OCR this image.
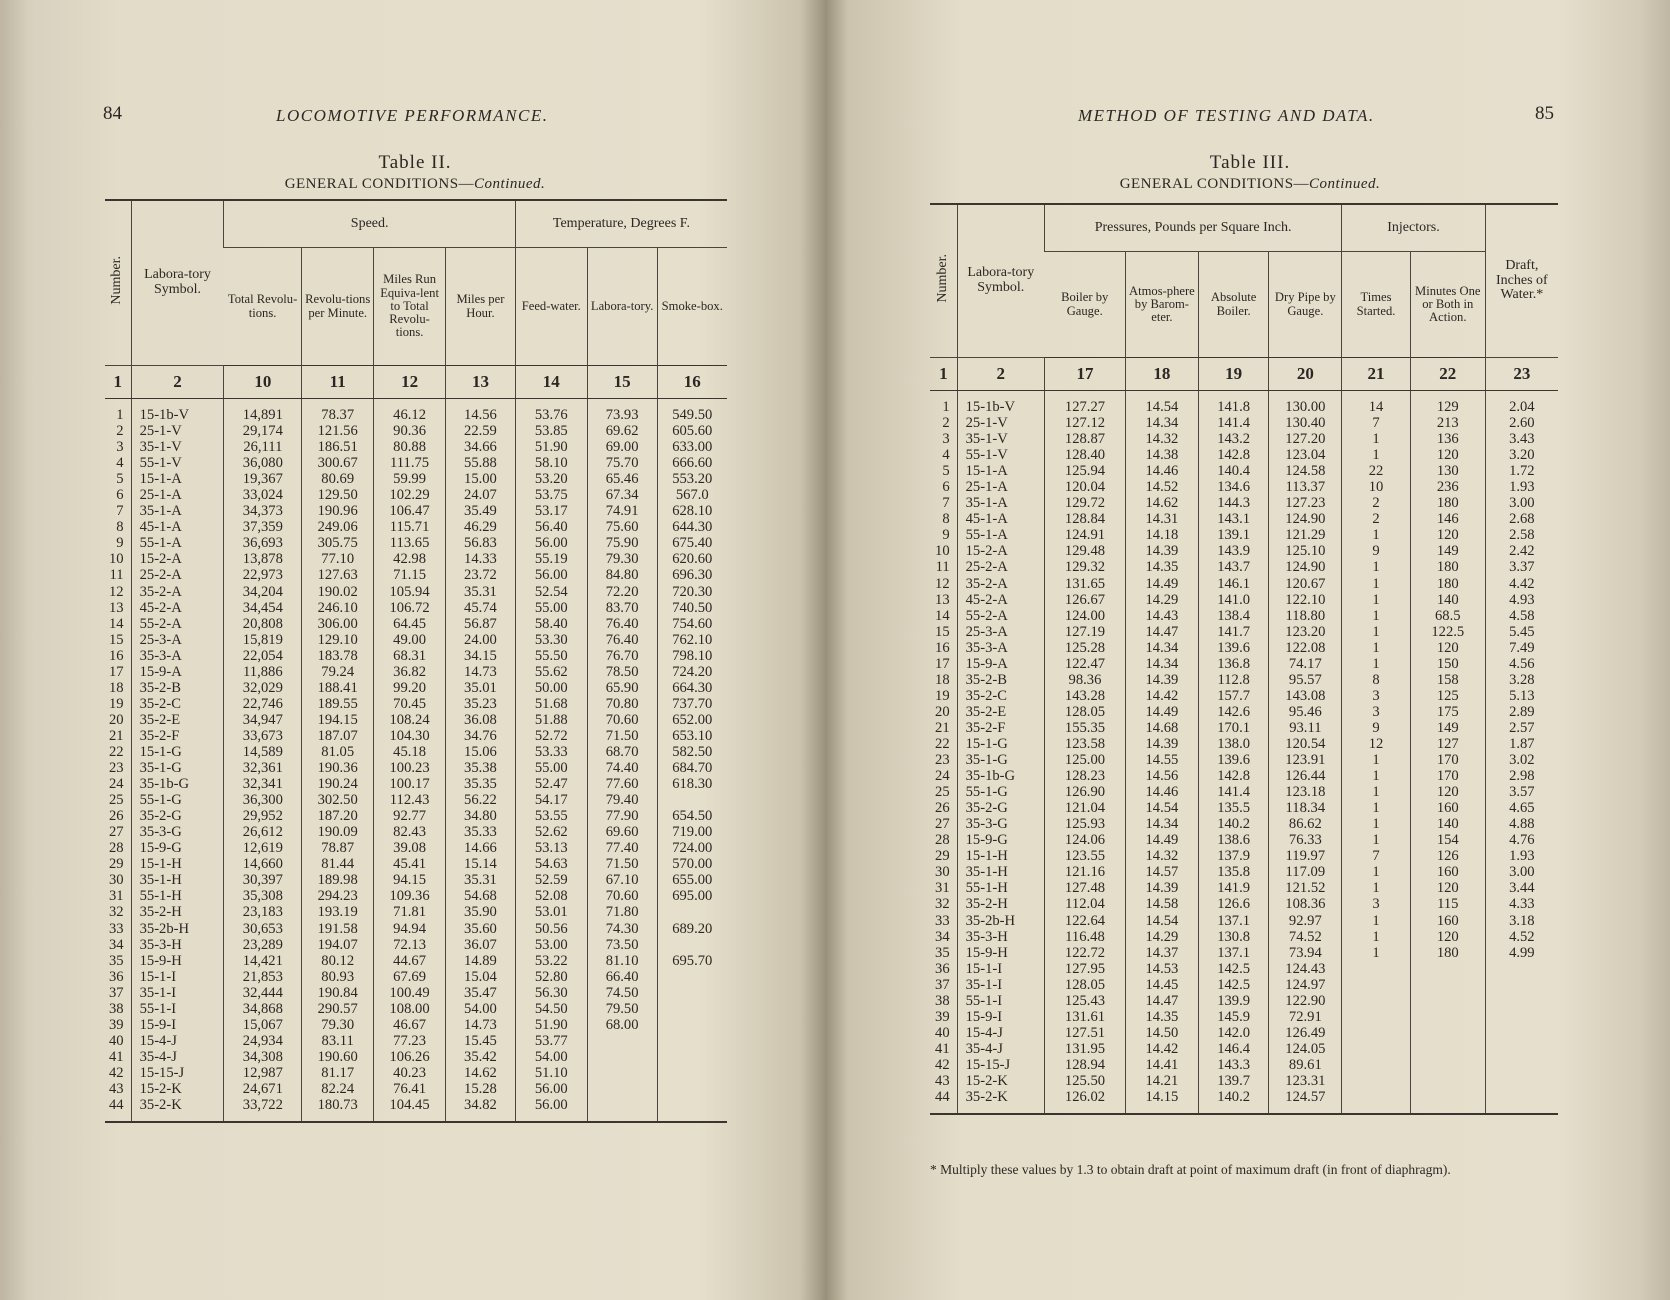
84	LOCOMOTIVE PERFORMANCE.
Table II.
GENERAL CONDITIONS—Continued.
Number.	Labora-tory Symbol.	Speed.				Temperature, Degrees F.		
		Total Revolu-tions.	Revolu-tions per Minute.	Miles Run Equiva-lent to Total Revolu-tions.	Miles per Hour.	Feed-water.	Labora-tory.	Smoke-box.
1	2	10	11	12	13	14	15	16

1	15-1b-V	14,891	78.37	46.12	14.56	53.76	73.93	549.50
2	25-1-V	29,174	121.56	90.36	22.59	53.85	69.62	605.60
3	35-1-V	26,111	186.51	80.88	34.66	51.90	69.00	633.00
4	55-1-V	36,080	300.67	111.75	55.88	58.10	75.70	666.60
5	15-1-A	19,367	80.69	59.99	15.00	53.20	65.46	553.20
6	25-1-A	33,024	129.50	102.29	24.07	53.75	67.34	567.0
7	35-1-A	34,373	190.96	106.47	35.49	53.17	74.91	628.10
8	45-1-A	37,359	249.06	115.71	46.29	56.40	75.60	644.30
9	55-1-A	36,693	305.75	113.65	56.83	56.00	75.90	675.40
10	15-2-A	13,878	77.10	42.98	14.33	55.19	79.30	620.60
11	25-2-A	22,973	127.63	71.15	23.72	56.00	84.80	696.30
12	35-2-A	34,204	190.02	105.94	35.31	52.54	72.20	720.30
13	45-2-A	34,454	246.10	106.72	45.74	55.00	83.70	740.50
14	55-2-A	20,808	306.00	64.45	56.87	58.40	76.40	754.60
15	25-3-A	15,819	129.10	49.00	24.00	53.30	76.40	762.10
16	35-3-A	22,054	183.78	68.31	34.15	55.50	76.70	798.10
17	15-9-A	11,886	79.24	36.82	14.73	55.62	78.50	724.20
18	35-2-B	32,029	188.41	99.20	35.01	50.00	65.90	664.30
19	35-2-C	22,746	189.55	70.45	35.23	51.68	70.80	737.70
20	35-2-E	34,947	194.15	108.24	36.08	51.88	70.60	652.00
21	35-2-F	33,673	187.07	104.30	34.76	52.72	71.50	653.10
22	15-1-G	14,589	81.05	45.18	15.06	53.33	68.70	582.50
23	35-1-G	32,361	190.36	100.23	35.38	55.00	74.40	684.70
24	35-1b-G	32,341	190.24	100.17	35.35	52.47	77.60	618.30
25	55-1-G	36,300	302.50	112.43	56.22	54.17	79.40	
26	35-2-G	29,952	187.20	92.77	34.80	53.55	77.90	654.50
27	35-3-G	26,612	190.09	82.43	35.33	52.62	69.60	719.00
28	15-9-G	12,619	78.87	39.08	14.66	53.13	77.40	724.00
29	15-1-H	14,660	81.44	45.41	15.14	54.63	71.50	570.00
30	35-1-H	30,397	189.98	94.15	35.31	52.59	67.10	655.00
31	55-1-H	35,308	294.23	109.36	54.68	52.08	70.60	695.00
32	35-2-H	23,183	193.19	71.81	35.90	53.01	71.80	
33	35-2b-H	30,653	191.58	94.94	35.60	50.56	74.30	689.20
34	35-3-H	23,289	194.07	72.13	36.07	53.00	73.50	
35	15-9-H	14,421	80.12	44.67	14.89	53.22	81.10	695.70
36	15-1-I	21,853	80.93	67.69	15.04	52.80	66.40	
37	35-1-I	32,444	190.84	100.49	35.47	56.30	74.50	
38	55-1-I	34,868	290.57	108.00	54.00	54.50	79.50	
39	15-9-I	15,067	79.30	46.67	14.73	51.90	68.00	
40	15-4-J	24,934	83.11	77.23	15.45	53.77		
41	35-4-J	34,308	190.60	106.26	35.42	54.00		
42	15-15-J	12,987	81.17	40.23	14.62	51.10		
43	15-2-K	24,671	82.24	76.41	15.28	56.00		
44	35-2-K	33,722	180.73	104.45	34.82	56.00		

METHOD OF TESTING AND DATA.	85
Table III.
GENERAL CONDITIONS—Continued.
Number.	Labora-tory Symbol.	Pressures, Pounds per Square Inch.				Injectors.		Draft, Inches of Water.*
		Boiler by Gauge.	Atmos-phere by Barom-eter.	Absolute Boiler.	Dry Pipe by Gauge.	Times Started.	Minutes One or Both in Action.	
1	2	17	18	19	20	21	22	23

1	15-1b-V	127.27	14.54	141.8	130.00	14	129	2.04
2	25-1-V	127.12	14.34	141.4	130.40	7	213	2.60
3	35-1-V	128.87	14.32	143.2	127.20	1	136	3.43
4	55-1-V	128.40	14.38	142.8	123.04	1	120	3.20
5	15-1-A	125.94	14.46	140.4	124.58	22	130	1.72
6	25-1-A	120.04	14.52	134.6	113.37	10	236	1.93
7	35-1-A	129.72	14.62	144.3	127.23	2	180	3.00
8	45-1-A	128.84	14.31	143.1	124.90	2	146	2.68
9	55-1-A	124.91	14.18	139.1	121.29	1	120	2.58
10	15-2-A	129.48	14.39	143.9	125.10	9	149	2.42
11	25-2-A	129.32	14.35	143.7	124.90	1	180	3.37
12	35-2-A	131.65	14.49	146.1	120.67	1	180	4.42
13	45-2-A	126.67	14.29	141.0	122.10	1	140	4.93
14	55-2-A	124.00	14.43	138.4	118.80	1	68.5	4.58
15	25-3-A	127.19	14.47	141.7	123.20	1	122.5	5.45
16	35-3-A	125.28	14.34	139.6	122.08	1	120	7.49
17	15-9-A	122.47	14.34	136.8	74.17	1	150	4.56
18	35-2-B	98.36	14.39	112.8	95.57	8	158	3.28
19	35-2-C	143.28	14.42	157.7	143.08	3	125	5.13
20	35-2-E	128.05	14.49	142.6	95.46	3	175	2.89
21	35-2-F	155.35	14.68	170.1	93.11	9	149	2.57
22	15-1-G	123.58	14.39	138.0	120.54	12	127	1.87
23	35-1-G	125.00	14.55	139.6	123.91	1	170	3.02
24	35-1b-G	128.23	14.56	142.8	126.44	1	170	2.98
25	55-1-G	126.90	14.46	141.4	123.18	1	120	3.57
26	35-2-G	121.04	14.54	135.5	118.34	1	160	4.65
27	35-3-G	125.93	14.34	140.2	86.62	1	140	4.88
28	15-9-G	124.06	14.49	138.6	76.33	1	154	4.76
29	15-1-H	123.55	14.32	137.9	119.97	7	126	1.93
30	35-1-H	121.16	14.57	135.8	117.09	1	160	3.00
31	55-1-H	127.48	14.39	141.9	121.52	1	120	3.44
32	35-2-H	112.04	14.58	126.6	108.36	3	115	4.33
33	35-2b-H	122.64	14.54	137.1	92.97	1	160	3.18
34	35-3-H	116.48	14.29	130.8	74.52	1	120	4.52
35	15-9-H	122.72	14.37	137.1	73.94	1	180	4.99
36	15-1-I	127.95	14.53	142.5	124.43			
37	35-1-I	128.05	14.45	142.5	124.97			
38	55-1-I	125.43	14.47	139.9	122.90			
39	15-9-I	131.61	14.35	145.9	72.91			
40	15-4-J	127.51	14.50	142.0	126.49			
41	35-4-J	131.95	14.42	146.4	124.05			
42	15-15-J	128.94	14.41	143.3	89.61			
43	15-2-K	125.50	14.21	139.7	123.31			
44	35-2-K	126.02	14.15	140.2	124.57			

* Multiply these values by 1.3 to obtain draft at point of maximum draft (in front of diaphragm).
